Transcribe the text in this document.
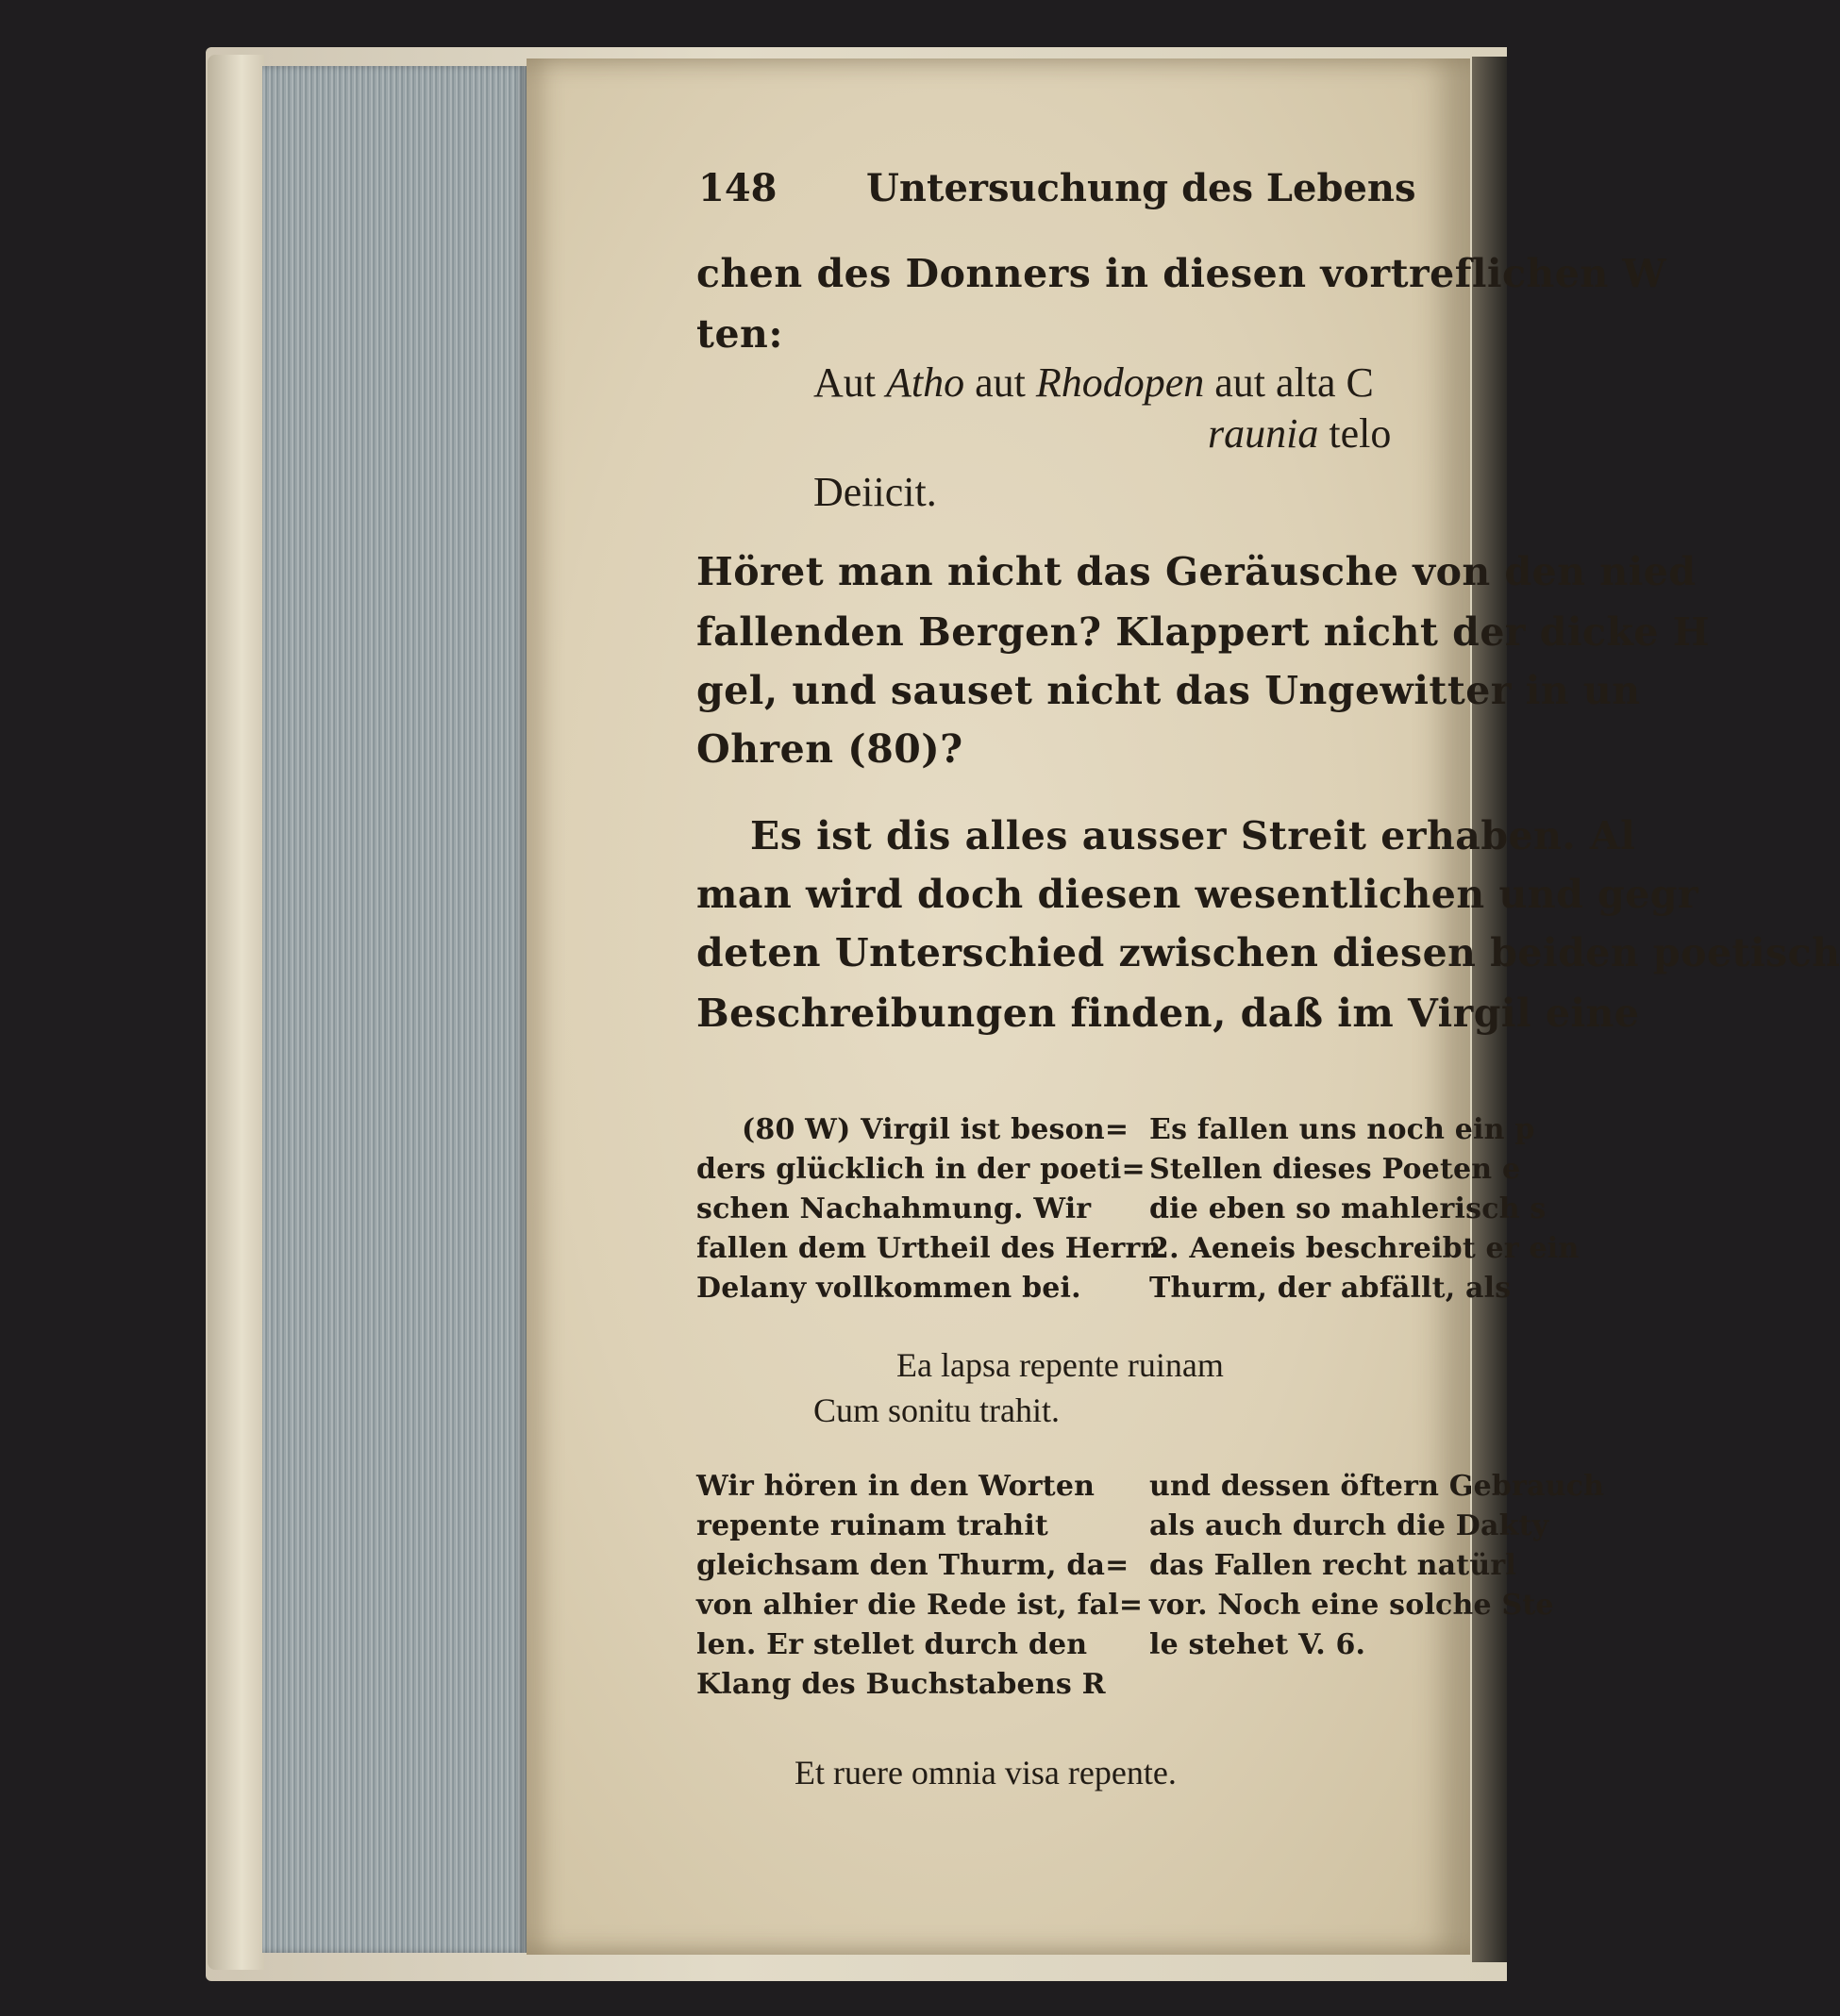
148 Untersuchung des Lebens
chen des Donners in diesen vortreflichen W
ten:
Aut Atho aut Rhodopen aut alta C
raunia telo
Deiicit.
Höret man nicht das Geräusche von den nied
fallenden Bergen? Klappert nicht der dicke H
gel, und sauset nicht das Ungewitter in un
Ohren (80)?
Es ist dis alles ausser Streit erhaben. Al
man wird doch diesen wesentlichen und gegr
deten Unterschied zwischen diesen beiden poetisch
Beschreibungen finden, daß im Virgil eine
(80 W) Virgil ist beson=
ders glücklich in der poeti=
schen Nachahmung. Wir
fallen dem Urtheil des Herrn
Delany vollkommen bei.
Es fallen uns noch ein p
Stellen dieses Poeten e
die eben so mahlerisch s
2. Aeneis beschreibt er ein
Thurm, der abfällt, als
Ea lapsa repente ruinam
Cum sonitu trahit.
Wir hören in den Worten
repente ruinam trahit
gleichsam den Thurm, da=
von alhier die Rede ist, fal=
len. Er stellet durch den
Klang des Buchstabens R
und dessen öftern Gebrauch
als auch durch die Dakty
das Fallen recht natürl
vor. Noch eine solche Ste
le stehet V. 6.
Et ruere omnia visa repente.
